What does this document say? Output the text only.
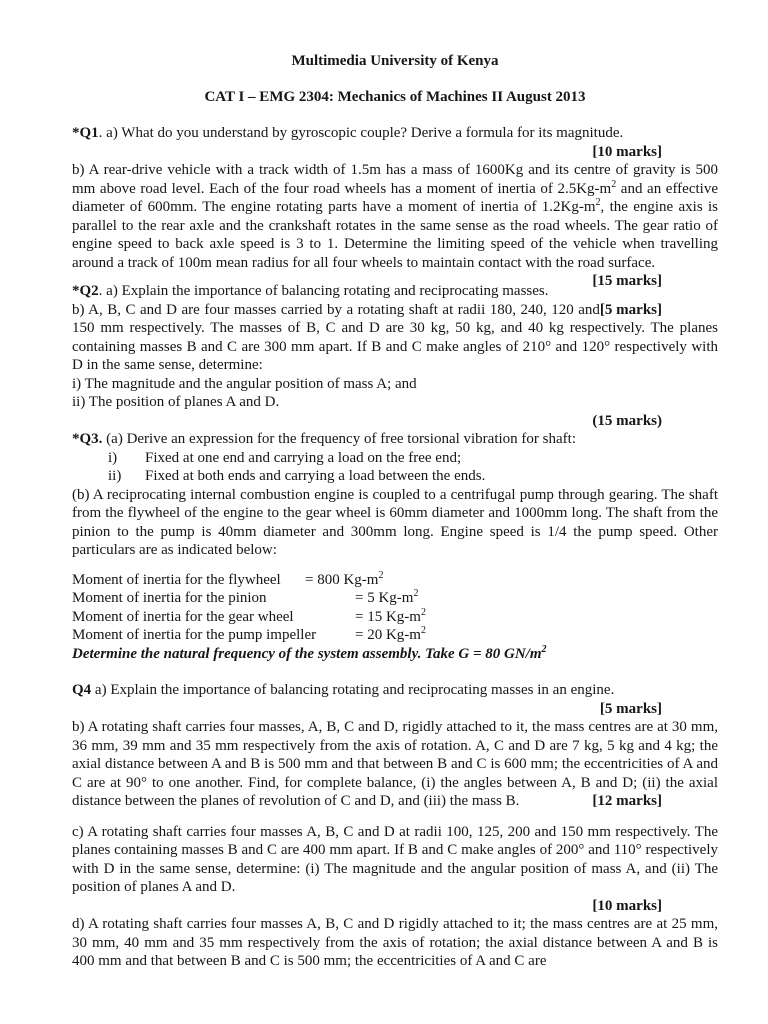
Multimedia University of Kenya
CAT I – EMG 2304: Mechanics of Machines II August 2013
*Q1. a) What do you understand by gyroscopic couple? Derive a formula for its magnitude.
[10 marks]
b) A rear-drive vehicle with a track width of 1.5m has a mass of 1600Kg and its centre of gravity is 500 mm above road level. Each of the four road wheels has a moment of inertia of $2.5Kg-m^2$ and an effective diameter of 600mm. The engine rotating parts have a moment of inertia of $1.2Kg-m^2$, the engine axis is parallel to the rear axle and the crankshaft rotates in the same sense as the road wheels. The gear ratio of engine speed to back axle speed is 3 to 1. Determine the limiting speed of the vehicle when travelling around a track of 100m mean radius for all four wheels to maintain contact with the road surface.
[15 marks]
*Q2. a) Explain the importance of balancing rotating and reciprocating masses.
[5 marks]
b) A, B, C and D are four masses carried by a rotating shaft at radii 180, 240, 120 and 150 mm respectively. The masses of B, C and D are 30 kg, 50 kg, and 40 kg respectively. The planes containing masses B and C are 300 mm apart. If B and C make angles of 210° and 120° respectively with D in the same sense, determine:
i) The magnitude and the angular position of mass A; and
ii) The position of planes A and D.
(15 marks)
*Q3. (a) Derive an expression for the frequency of free torsional vibration for shaft:
i) Fixed at one end and carrying a load on the free end;
ii) Fixed at both ends and carrying a load between the ends.
(b) A reciprocating internal combustion engine is coupled to a centrifugal pump through gearing. The shaft from the flywheel of the engine to the gear wheel is 60mm diameter and 1000mm long. The shaft from the pinion to the pump is 40mm diameter and 300mm long. Engine speed is 1/4 the pump speed. Other particulars are as indicated below:
Moment of inertia for the flywheel = 800 $Kg-m^2$
Moment of inertia for the pinion	= 5 $Kg-m^2$
Moment of inertia for the gear wheel	= 15 $Kg-m^2$
Moment of inertia for the pump impeller	= 20 $Kg-m^2$
Determine the natural frequency of the system assembly. Take G = 80 $GN/m^2$
Q4 a) Explain the importance of balancing rotating and reciprocating masses in an engine.
[5 marks]
b) A rotating shaft carries four masses, A, B, C and D, rigidly attached to it, the mass centres are at 30 mm, 36 mm, 39 mm and 35 mm respectively from the axis of rotation. A, C and D are 7 kg, 5 kg and 4 kg; the axial distance between A and B is 500 mm and that between B and C is 600 mm; the eccentricities of A and C are at 90° to one another. Find, for complete balance, (i) the angles between A, B and D; (ii) the axial distance between the planes of revolution of C and D, and (iii) the mass B.	[12 marks]
c) A rotating shaft carries four masses A, B, C and D at radii 100, 125, 200 and 150 mm respectively. The planes containing masses B and C are 400 mm apart. If B and C make angles of 200° and 110° respectively with D in the same sense, determine: (i) The magnitude and the angular position of mass A, and (ii) The position of planes A and D.
[10 marks]
d) A rotating shaft carries four masses A, B, C and D rigidly attached to it; the mass centres are at 25 mm, 30 mm, 40 mm and 35 mm respectively from the axis of rotation; the axial distance between A and B is 400 mm and that between B and C is 500 mm; the eccentricities of A and C are
